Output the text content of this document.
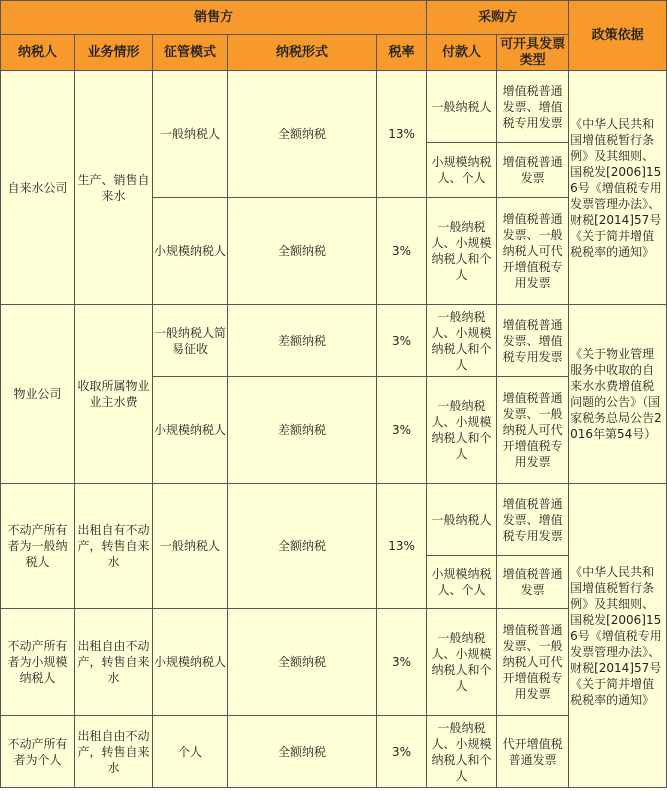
销售方					采购方		政策依据
纳税人	业务情形	征管模式	纳税形式	税率	付款人	可开具发票类型	
自来水公司	生产、销售自来水	一般纳税人	全额纳税	13%	一般纳税人	增值税普通发票、增值税专用发票	《中华人民共和国增值税暂行条例》及其细则、国税发[2006]156号《增值税专用发票管理办法》、财税[2014]57号《关于简并增值税税率的通知》
					小规模纳税人、个人	增值税普通发票	
		小规模纳税人	全额纳税	3%	一般纳税人、小规模纳税人和个人	增值税普通发票、一般纳税人可代开增值税专用发票	
物业公司	收取所属物业业主水费	一般纳税人简易征收	差额纳税	3%	一般纳税人、小规模纳税人和个人	增值税普通发票、增值税专用发票	《关于物业管理服务中收取的自来水水费增值税问题的公告》（国家税务总局公告2016年第54号）
		小规模纳税人	差额纳税	3%	一般纳税人、小规模纳税人和个人	增值税普通发票、一般纳税人可代开增值税专用发票	
不动产所有者为一般纳税人	出租自有不动产，转售自来水	一般纳税人	全额纳税	13%	一般纳税人	增值税普通发票、增值税专用发票	《中华人民共和国增值税暂行条例》及其细则、国税发[2006]156号《增值税专用发票管理办法》、财税[2014]57号《关于简并增值税税率的通知》
					小规模纳税人、个人	增值税普通发票	
不动产所有者为小规模纳税人	出租自由不动产，转售自来水	小规模纳税人	全额纳税	3%	一般纳税人、小规模纳税人和个人	增值税普通发票、一般纳税人可代开增值税专用发票	
不动产所有者为个人	出租自由不动产，转售自来水	个人	全额纳税	3%	一般纳税人、小规模纳税人和个人	代开增值税普通发票	
